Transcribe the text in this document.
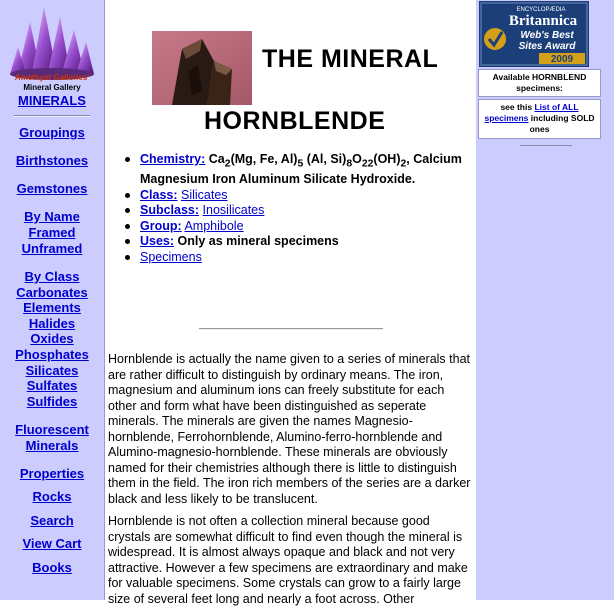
Amethyst Galleries'
Mineral Gallery
MINERALS
Groupings
Birthstones
Gemstones
By Name
Framed
Unframed
By Class
Carbonates
Elements
Halides
Oxides
Phosphates
Silicates
Sulfates
Sulfides
Fluorescent
Minerals
Properties
Rocks
Search
View Cart
Books
THE MINERAL
HORNBLENDE
Chemistry: $Ca_2(Mg$, Fe, $Al)_5$ (Al, $Si)_8O_{22}(OH)_2$, Calcium Magnesium Iron Aluminum Silicate Hydroxide.
Class: Silicates
Subclass: Inosilicates
Group: Amphibole
Uses: Only as mineral specimens
Specimens

Hornblende is actually the name given to a series of minerals that are rather difficult to distinguish by ordinary means. The iron, magnesium and aluminum ions can freely substitute for each other and form what have been distinguished as seperate minerals. The minerals are given the names Magnesio-hornblende, Ferrohornblende, Alumino-ferro-hornblende and Alumino-magnesio-hornblende. These minerals are obviously named for their chemistries although there is little to distinguish them in the field. The iron rich members of the series are a darker black and less likely to be translucent.

Hornblende is not often a collection mineral because good crystals are somewhat difficult to find even though the mineral is widespread. It is almost always opaque and black and not very attractive. However a few specimens are extraordinary and make for valuable specimens. Some crystals can grow to a fairly large size of several feet long and nearly a foot across. Other

ENCYCLOPÆDIA
Britannica
Web's Best
Sites Award
2009
Available HORNBLEND specimens:
see this List of ALL specimens including SOLD ones
